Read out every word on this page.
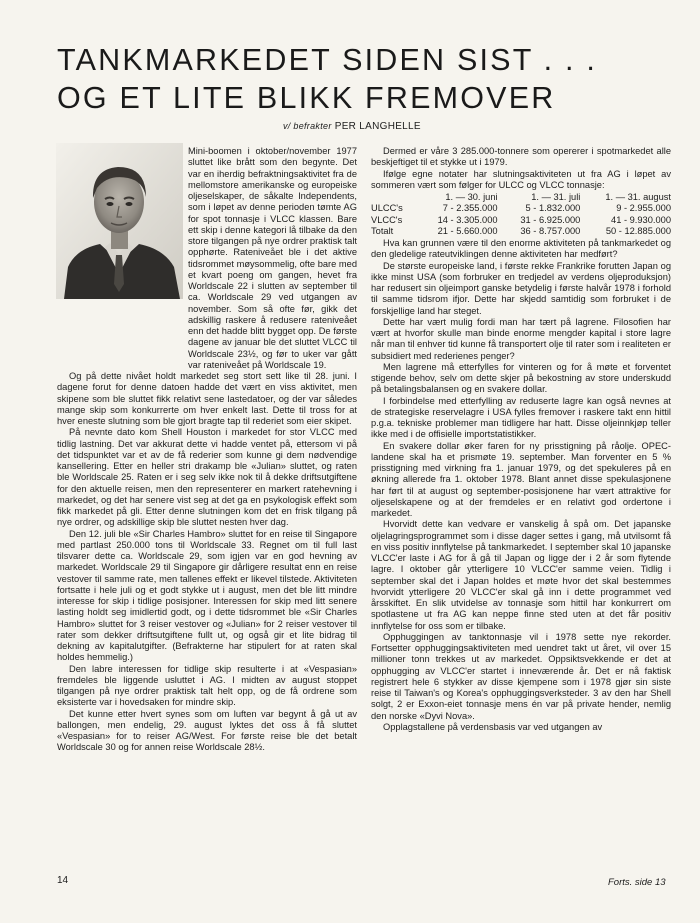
TANKMARKEDET SIDEN SIST . . .
OG ET LITE BLIKK FREMOVER
v/ befrakter PER LANGHELLE

Mini-boomen i oktober/november 1977 sluttet like brått som den begynte. Det var en iherdig befraktningsaktivitet fra de mellomstore amerikanske og europeiske oljeselskaper, de såkalte Independents, som i løpet av denne perioden tømte AG for spot tonnasje i VLCC klassen. Bare ett skip i denne kategori lå tilbake da den store tilgangen på nye ordrer praktisk talt opphørte. Rateniveået ble i det aktive tidsrommet møysommelig, ofte bare med et kvart poeng om gangen, hevet fra Worldscale 22 i slutten av september til ca. Worldscale 29 ved utgangen av november. Som så ofte før, gikk det adskillig raskere å redusere rateniveået enn det hadde blitt bygget opp. De første dagene av januar ble det sluttet VLCC til Worldscale 23½, og før to uker var gått var rateniveået på Worldscale 19.

Og på dette nivået holdt markedet seg stort sett like til 28. juni. I dagene forut for denne datoen hadde det vært en viss aktivitet, men skipene som ble sluttet fikk relativt sene lastedatoer, og der var således mange skip som konkurrerte om hver enkelt last. Dette til tross for at hver eneste slutning som ble gjort bragte tap til rederiet som eier skipet.

På nevnte dato kom Shell Houston i markedet for stor VLCC med tidlig lastning. Det var akkurat dette vi hadde ventet på, ettersom vi på det tidspunktet var et av de få rederier som kunne gi dem nødvendige kansellering. Etter en heller stri drakamp ble «Julian» sluttet, og raten ble Worldscale 25. Raten er i seg selv ikke nok til å dekke driftsutgiftene for den aktuelle reisen, men den representerer en markert ratehevning i markedet, og det har senere vist seg at det ga en psykologisk effekt som fikk markedet på gli. Etter denne slutningen kom det en frisk tilgang på nye ordrer, og adskillige skip ble sluttet nesten hver dag.

Den 12. juli ble «Sir Charles Hambro» sluttet for en reise til Singapore med partlast 250.000 tons til Worldscale 33. Regnet om til full last tilsvarer dette ca. Worldscale 29, som igjen var en god hevning av markedet. Worldscale 29 til Singapore gir dårligere resultat enn en reise vestover til samme rate, men tallenes effekt er likevel tilstede. Aktiviteten fortsatte i hele juli og et godt stykke ut i august, men det ble litt mindre interesse for skip i tidlige posisjoner. Interessen for skip med litt senere lasting holdt seg imidlertid godt, og i dette tidsrommet ble «Sir Charles Hambro» sluttet for 3 reiser vestover og «Julian» for 2 reiser vestover til rater som dekker driftsutgiftene fullt ut, og også gir et lite bidrag til dekning av kapitalutgifter. (Befrakterne har stipulert for at raten skal holdes hemmelig.)

Den labre interessen for tidlige skip resulterte i at «Vespasian» fremdeles ble liggende usluttet i AG. I midten av august stoppet tilgangen på nye ordrer praktisk talt helt opp, og de få ordrene som eksisterte var i hovedsaken for mindre skip.

Det kunne etter hvert synes som om luften var begynt å gå ut av ballongen, men endelig, 29. august lyktes det oss å få sluttet «Vespasian» for to reiser AG/West. For første reise ble det betalt Worldscale 30 og for annen reise Worldscale 28½.

Dermed er våre 3 285.000-tonnere som opererer i spotmarkedet alle beskjeftiget til et stykke ut i 1979.

Ifølge egne notater har slutningsaktiviteten ut fra AG i løpet av sommeren vært som følger for ULCC og VLCC tonnasje:

	1. — 30. juni	1. — 31. juli	1. — 31. august
ULCC's	7 - 2.355.000	5 - 1.832.000	9 - 2.955.000
VLCC's	14 - 3.305.000	31 - 6.925.000	41 - 9.930.000
Totalt	21 - 5.660.000	36 - 8.757.000	50 - 12.885.000

Hva kan grunnen være til den enorme aktiviteten på tankmarkedet og den gledelige rateutviklingen denne aktiviteten har medført?

De største europeiske land, i første rekke Frankrike forutten Japan og ikke minst USA (som forbruker en tredjedel av verdens oljeproduksjon) har redusert sin oljeimport ganske betydelig i første halvår 1978 i forhold til samme tidsrom ifjor. Dette har skjedd samtidig som forbruket i de forskjellige land har steget.

Dette har vært mulig fordi man har tært på lagrene. Filosofien har vært at hvorfor skulle man binde enorme mengder kapital i store lagre når man til enhver tid kunne få transportert olje til rater som i realiteten er subsidiert med rederienes penger?

Men lagrene må etterfylles for vinteren og for å møte et forventet stigende behov, selv om dette skjer på bekostning av store underskudd på betalingsbalansen og en svakere dollar.

I forbindelse med etterfylling av reduserte lagre kan også nevnes at de strategiske reservelagre i USA fylles fremover i raskere takt enn hittil p.g.a. tekniske problemer man tidligere har hatt. Disse oljeinnkjøp teller ikke med i de offisielle importstatistikker.

En svakere dollar øker faren for ny prisstigning på råolje. OPEC-landene skal ha et prismøte 19. september. Man forventer en 5 % prisstigning med virkning fra 1. januar 1979, og det spekuleres på en økning allerede fra 1. oktober 1978. Blant annet disse spekulasjonene har ført til at august og september-posisjonene har vært attraktive for oljeselskapene og at der fremdeles er en relativt god ordertone i markedet.

Hvorvidt dette kan vedvare er vanskelig å spå om. Det japanske oljelagringsprogrammet som i disse dager settes i gang, må utvilsomt få en viss positiv innflytelse på tankmarkedet. I september skal 10 japanske VLCC'er laste i AG for å gå til Japan og ligge der i 2 år som flytende lagre. I oktober går ytterligere 10 VLCC'er samme veien. Tidlig i september skal det i Japan holdes et møte hvor det skal bestemmes hvorvidt ytterligere 20 VLCC'er skal gå inn i dette programmet ved årsskiftet. En slik utvidelse av tonnasje som hittil har konkurrert om spotlastene ut fra AG kan neppe finne sted uten at det får positiv innflytelse for oss som er tilbake.

Opphuggingen av tanktonnasje vil i 1978 sette nye rekorder. Fortsetter opphuggingsaktiviteten med uendret takt ut året, vil over 15 millioner tonn trekkes ut av markedet. Oppsiktsvekkende er det at opphugging av VLCC'er startet i inneværende år. Det er nå faktisk registrert hele 6 stykker av disse kjempene som i 1978 gjør sin siste reise til Taiwan's og Korea's opphuggingsverksteder. 3 av den har Shell solgt, 2 er Exxon-eiet tonnasje mens én var på private hender, nemlig den norske «Dyvi Nova».

Opplagstallene på verdensbasis var ved utgangen av

Forts. side 13
14
